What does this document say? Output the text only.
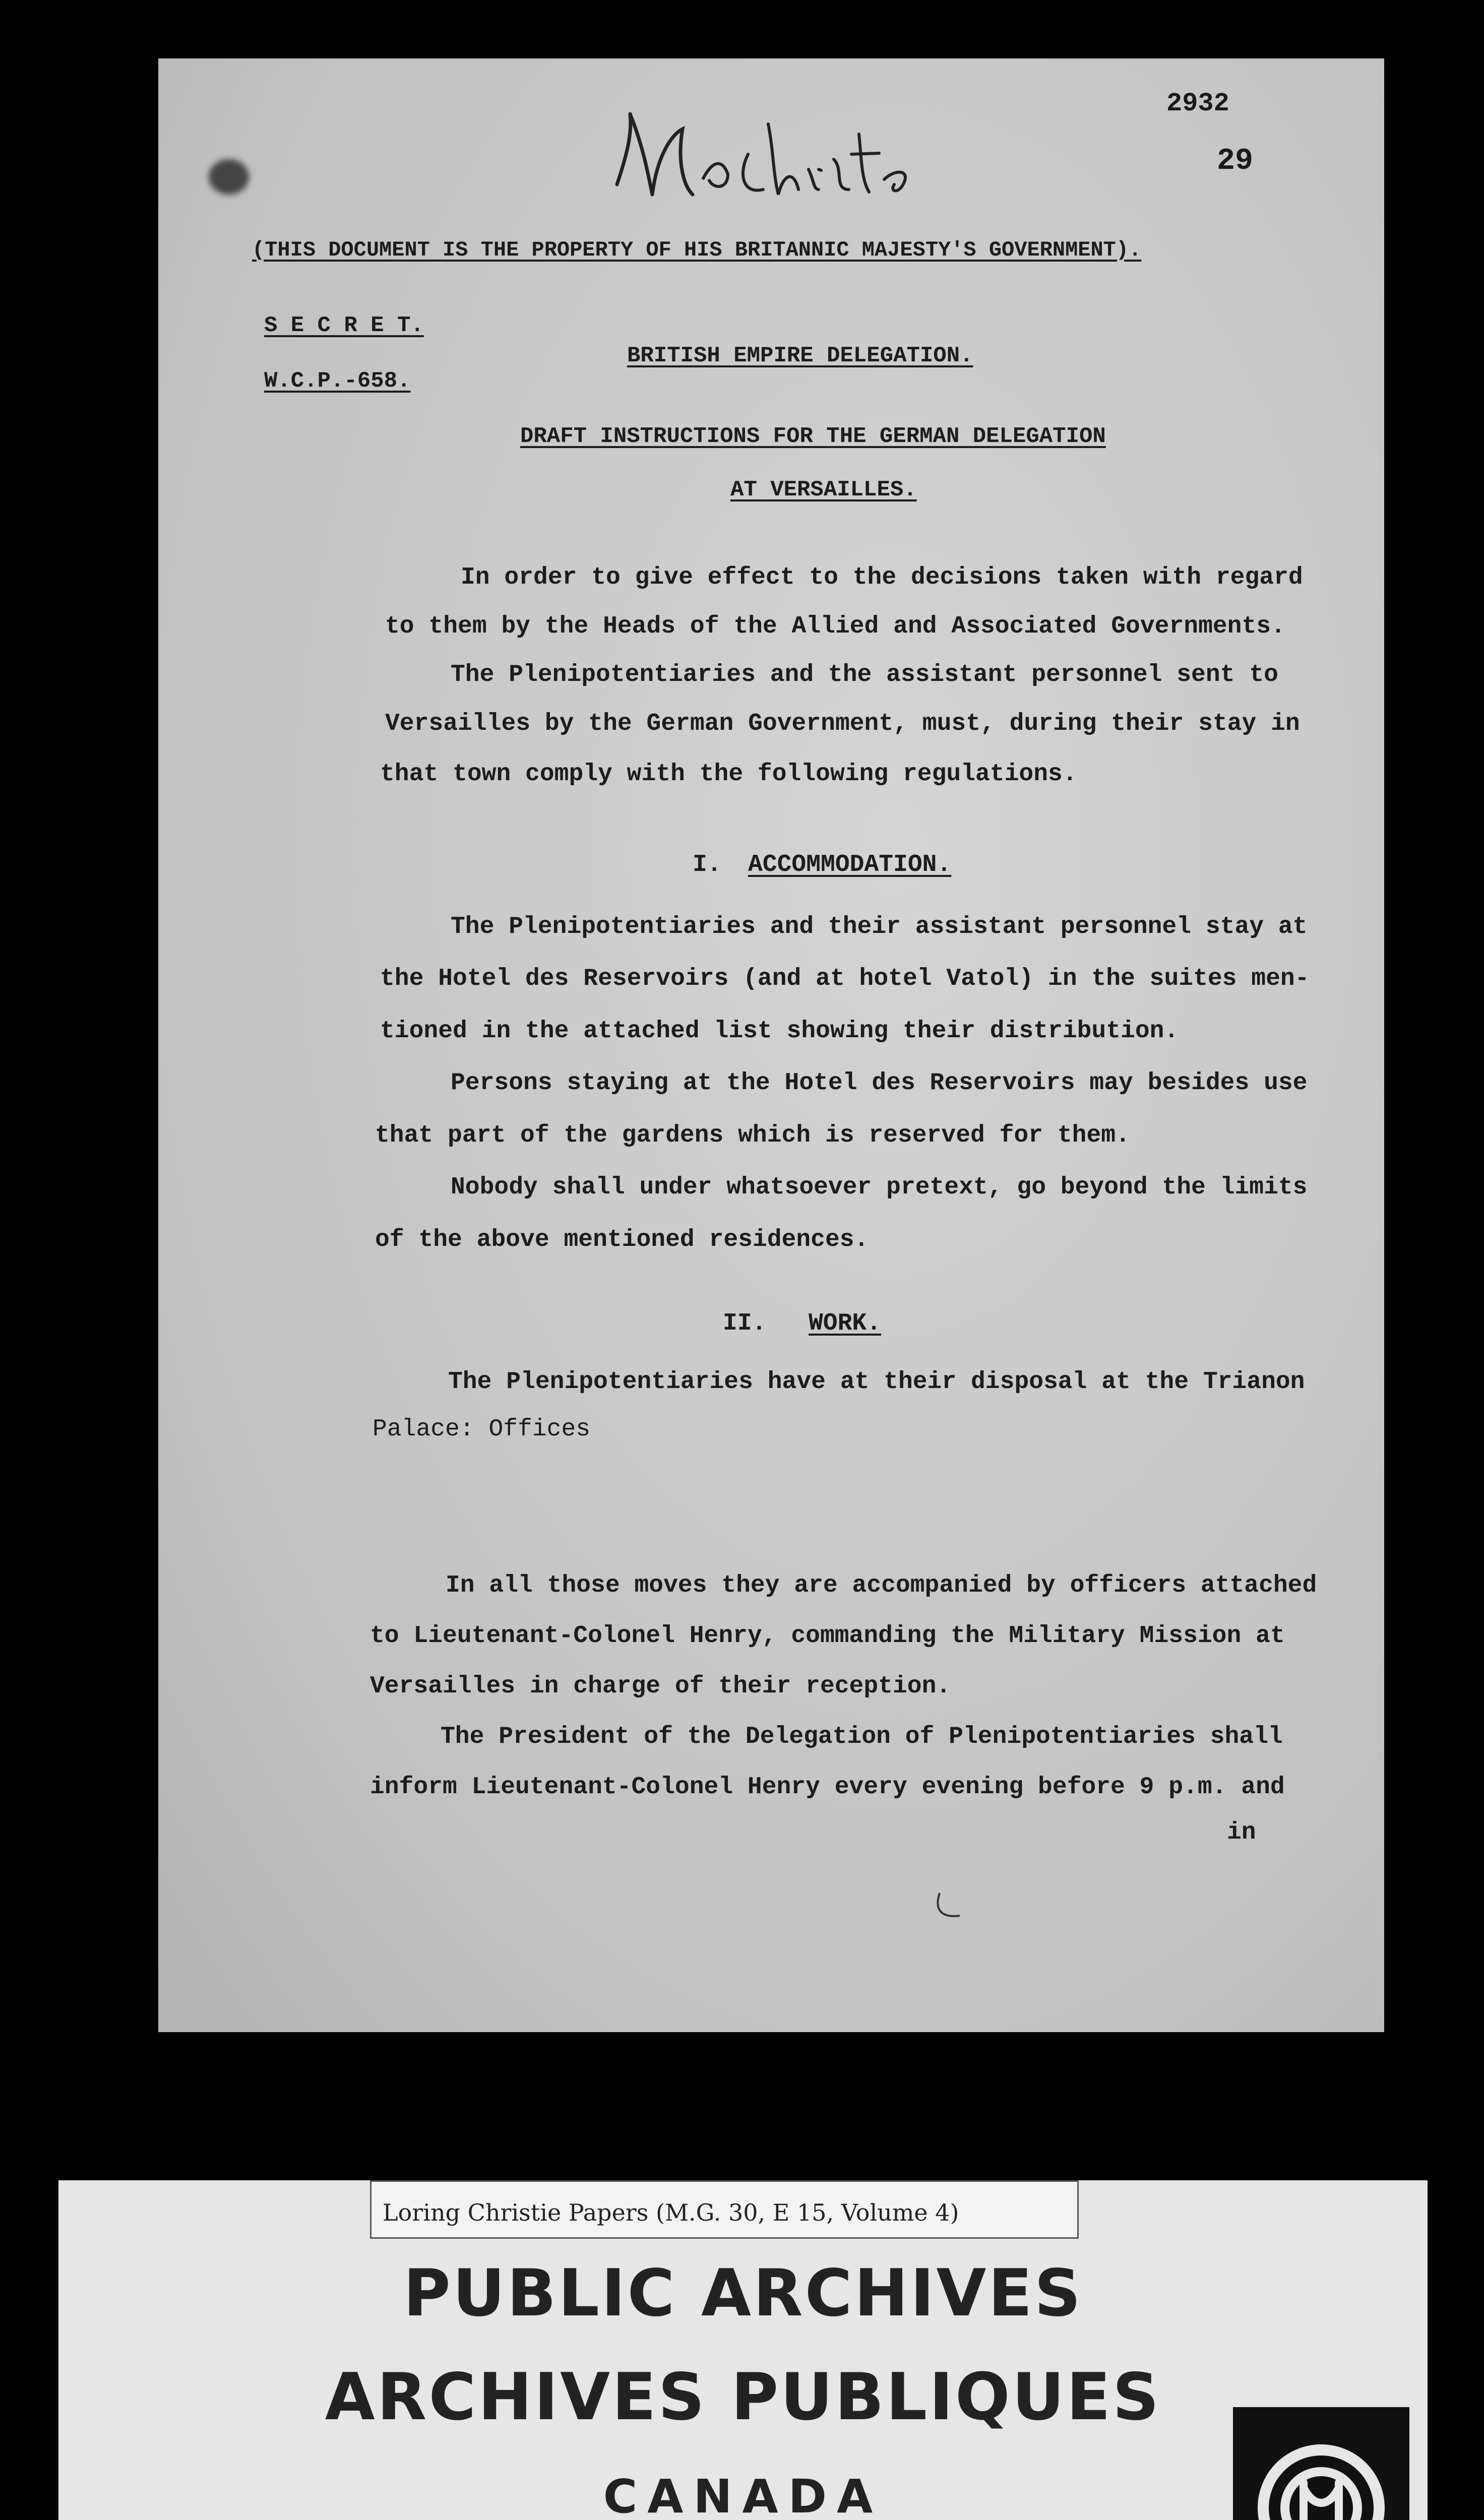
2932
29
(THIS DOCUMENT IS THE PROPERTY OF HIS BRITANNIC MAJESTY'S GOVERNMENT).
S E C R E T.
W.C.P.-658.
BRITISH EMPIRE DELEGATION.
DRAFT INSTRUCTIONS FOR THE GERMAN DELEGATION
AT VERSAILLES.
In order to give effect to the decisions taken with regard
to them by the Heads of the Allied and Associated Governments.
The Plenipotentiaries and the assistant personnel sent to
Versailles by the German Government, must, during their stay in
that town comply with the following regulations.
I. ACCOMMODATION.
The Plenipotentiaries and their assistant personnel stay at
the Hotel des Reservoirs (and at hotel Vatol) in the suites men-
tioned in the attached list showing their distribution.
Persons staying at the Hotel des Reservoirs may besides use
that part of the gardens which is reserved for them.
Nobody shall under whatsoever pretext, go beyond the limits
of the above mentioned residences.
II. WORK.
The Plenipotentiaries have at their disposal at the Trianon
Palace: Offices
In all those moves they are accompanied by officers attached
to Lieutenant-Colonel Henry, commanding the Military Mission at
Versailles in charge of their reception.
The President of the Delegation of Plenipotentiaries shall
inform Lieutenant-Colonel Henry every evening before 9 p.m. and
in
Loring Christie Papers (M.G. 30, E 15, Volume 4)
PUBLIC ARCHIVES
ARCHIVES PUBLIQUES
CANADA
